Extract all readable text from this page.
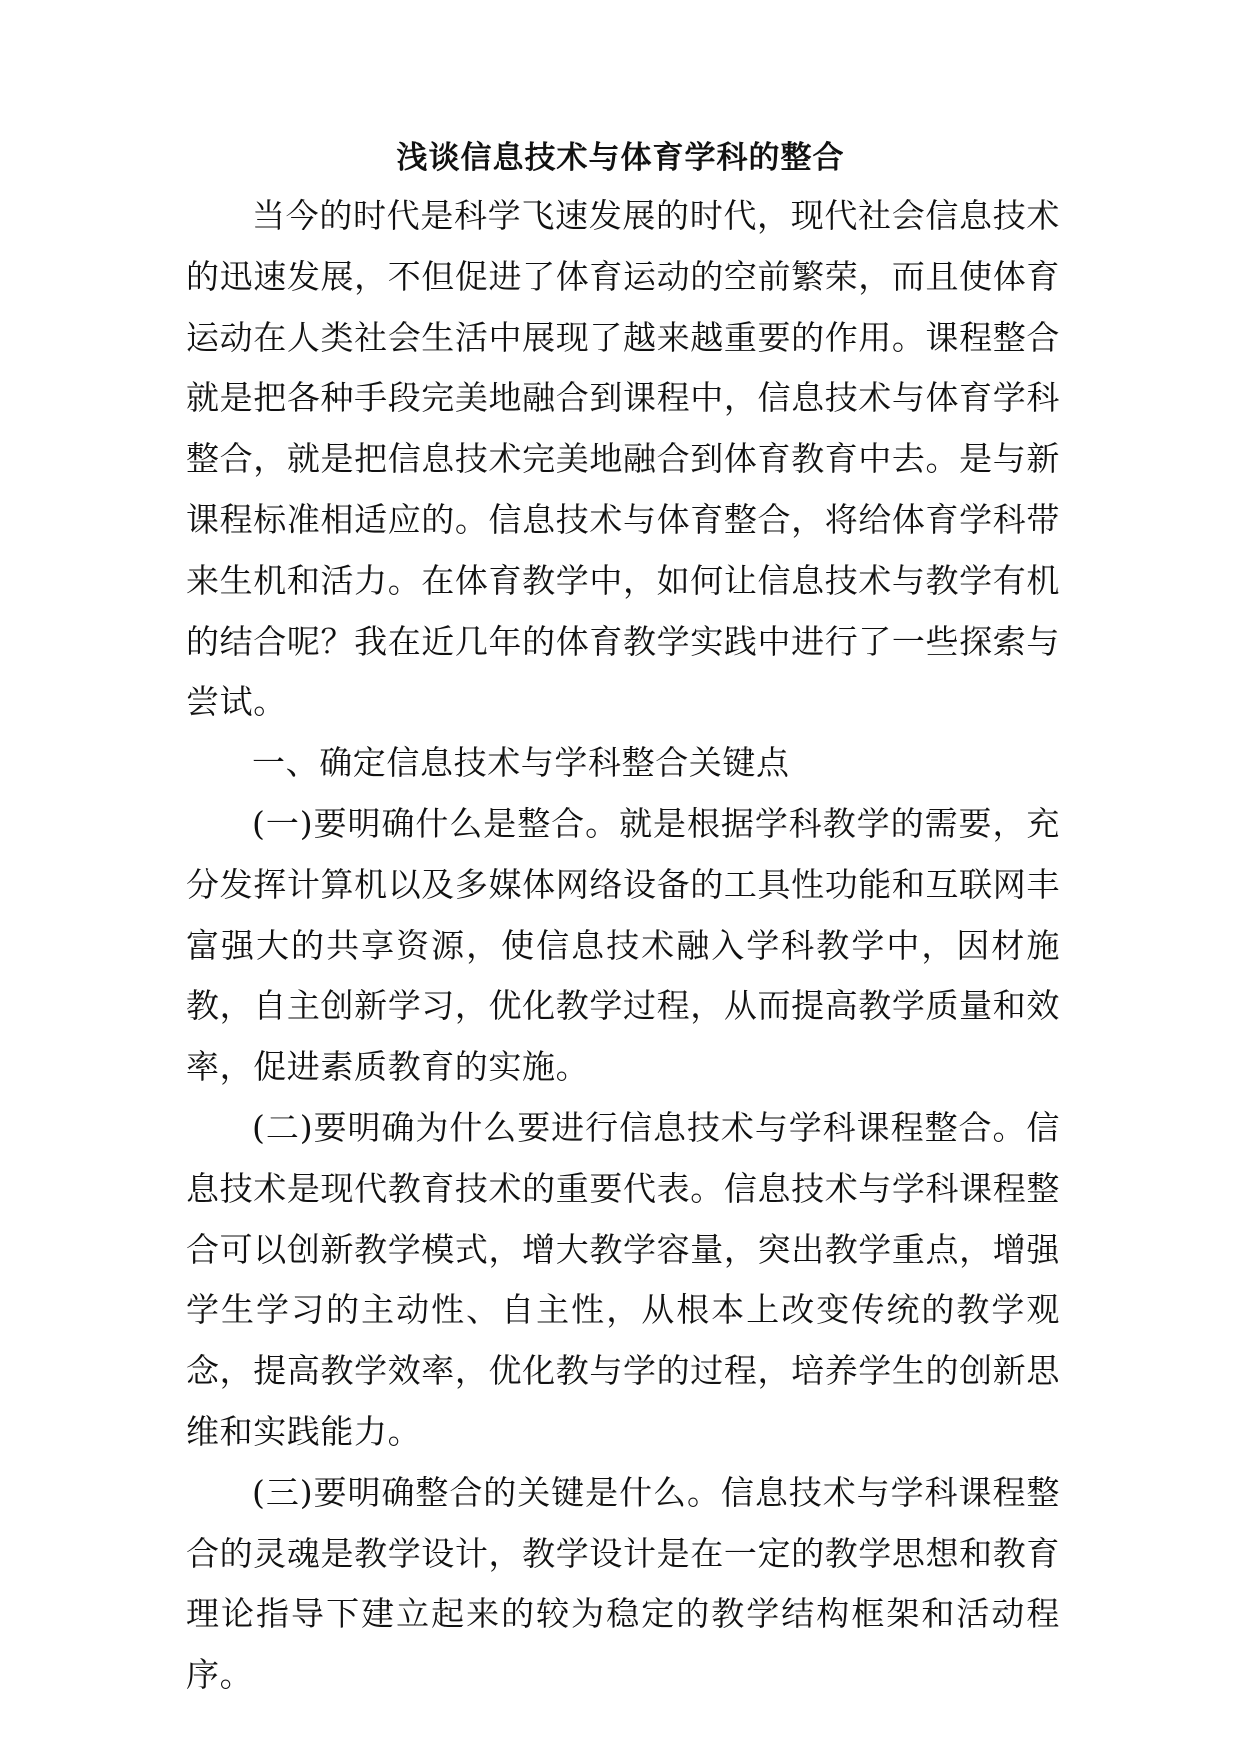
浅谈信息技术与体育学科的整合

当今的时代是科学飞速发展的时代，现代社会信息技术的迅速发展，不但促进了体育运动的空前繁荣，而且使体育运动在人类社会生活中展现了越来越重要的作用。课程整合就是把各种手段完美地融合到课程中，信息技术与体育学科整合，就是把信息技术完美地融合到体育教育中去。是与新课程标准相适应的。信息技术与体育整合，将给体育学科带来生机和活力。在体育教学中，如何让信息技术与教学有机的结合呢？我在近几年的体育教学实践中进行了一些探索与尝试。

一、确定信息技术与学科整合关键点

(一)要明确什么是整合。就是根据学科教学的需要，充分发挥计算机以及多媒体网络设备的工具性功能和互联网丰富强大的共享资源，使信息技术融入学科教学中，因材施教，自主创新学习，优化教学过程，从而提高教学质量和效率，促进素质教育的实施。

(二)要明确为什么要进行信息技术与学科课程整合。信息技术是现代教育技术的重要代表。信息技术与学科课程整合可以创新教学模式，增大教学容量，突出教学重点，增强学生学习的主动性、自主性，从根本上改变传统的教学观念，提高教学效率，优化教与学的过程，培养学生的创新思维和实践能力。

(三)要明确整合的关键是什么。信息技术与学科课程整合的灵魂是教学设计，教学设计是在一定的教学思想和教育理论指导下建立起来的较为稳定的教学结构框架和活动程序。
